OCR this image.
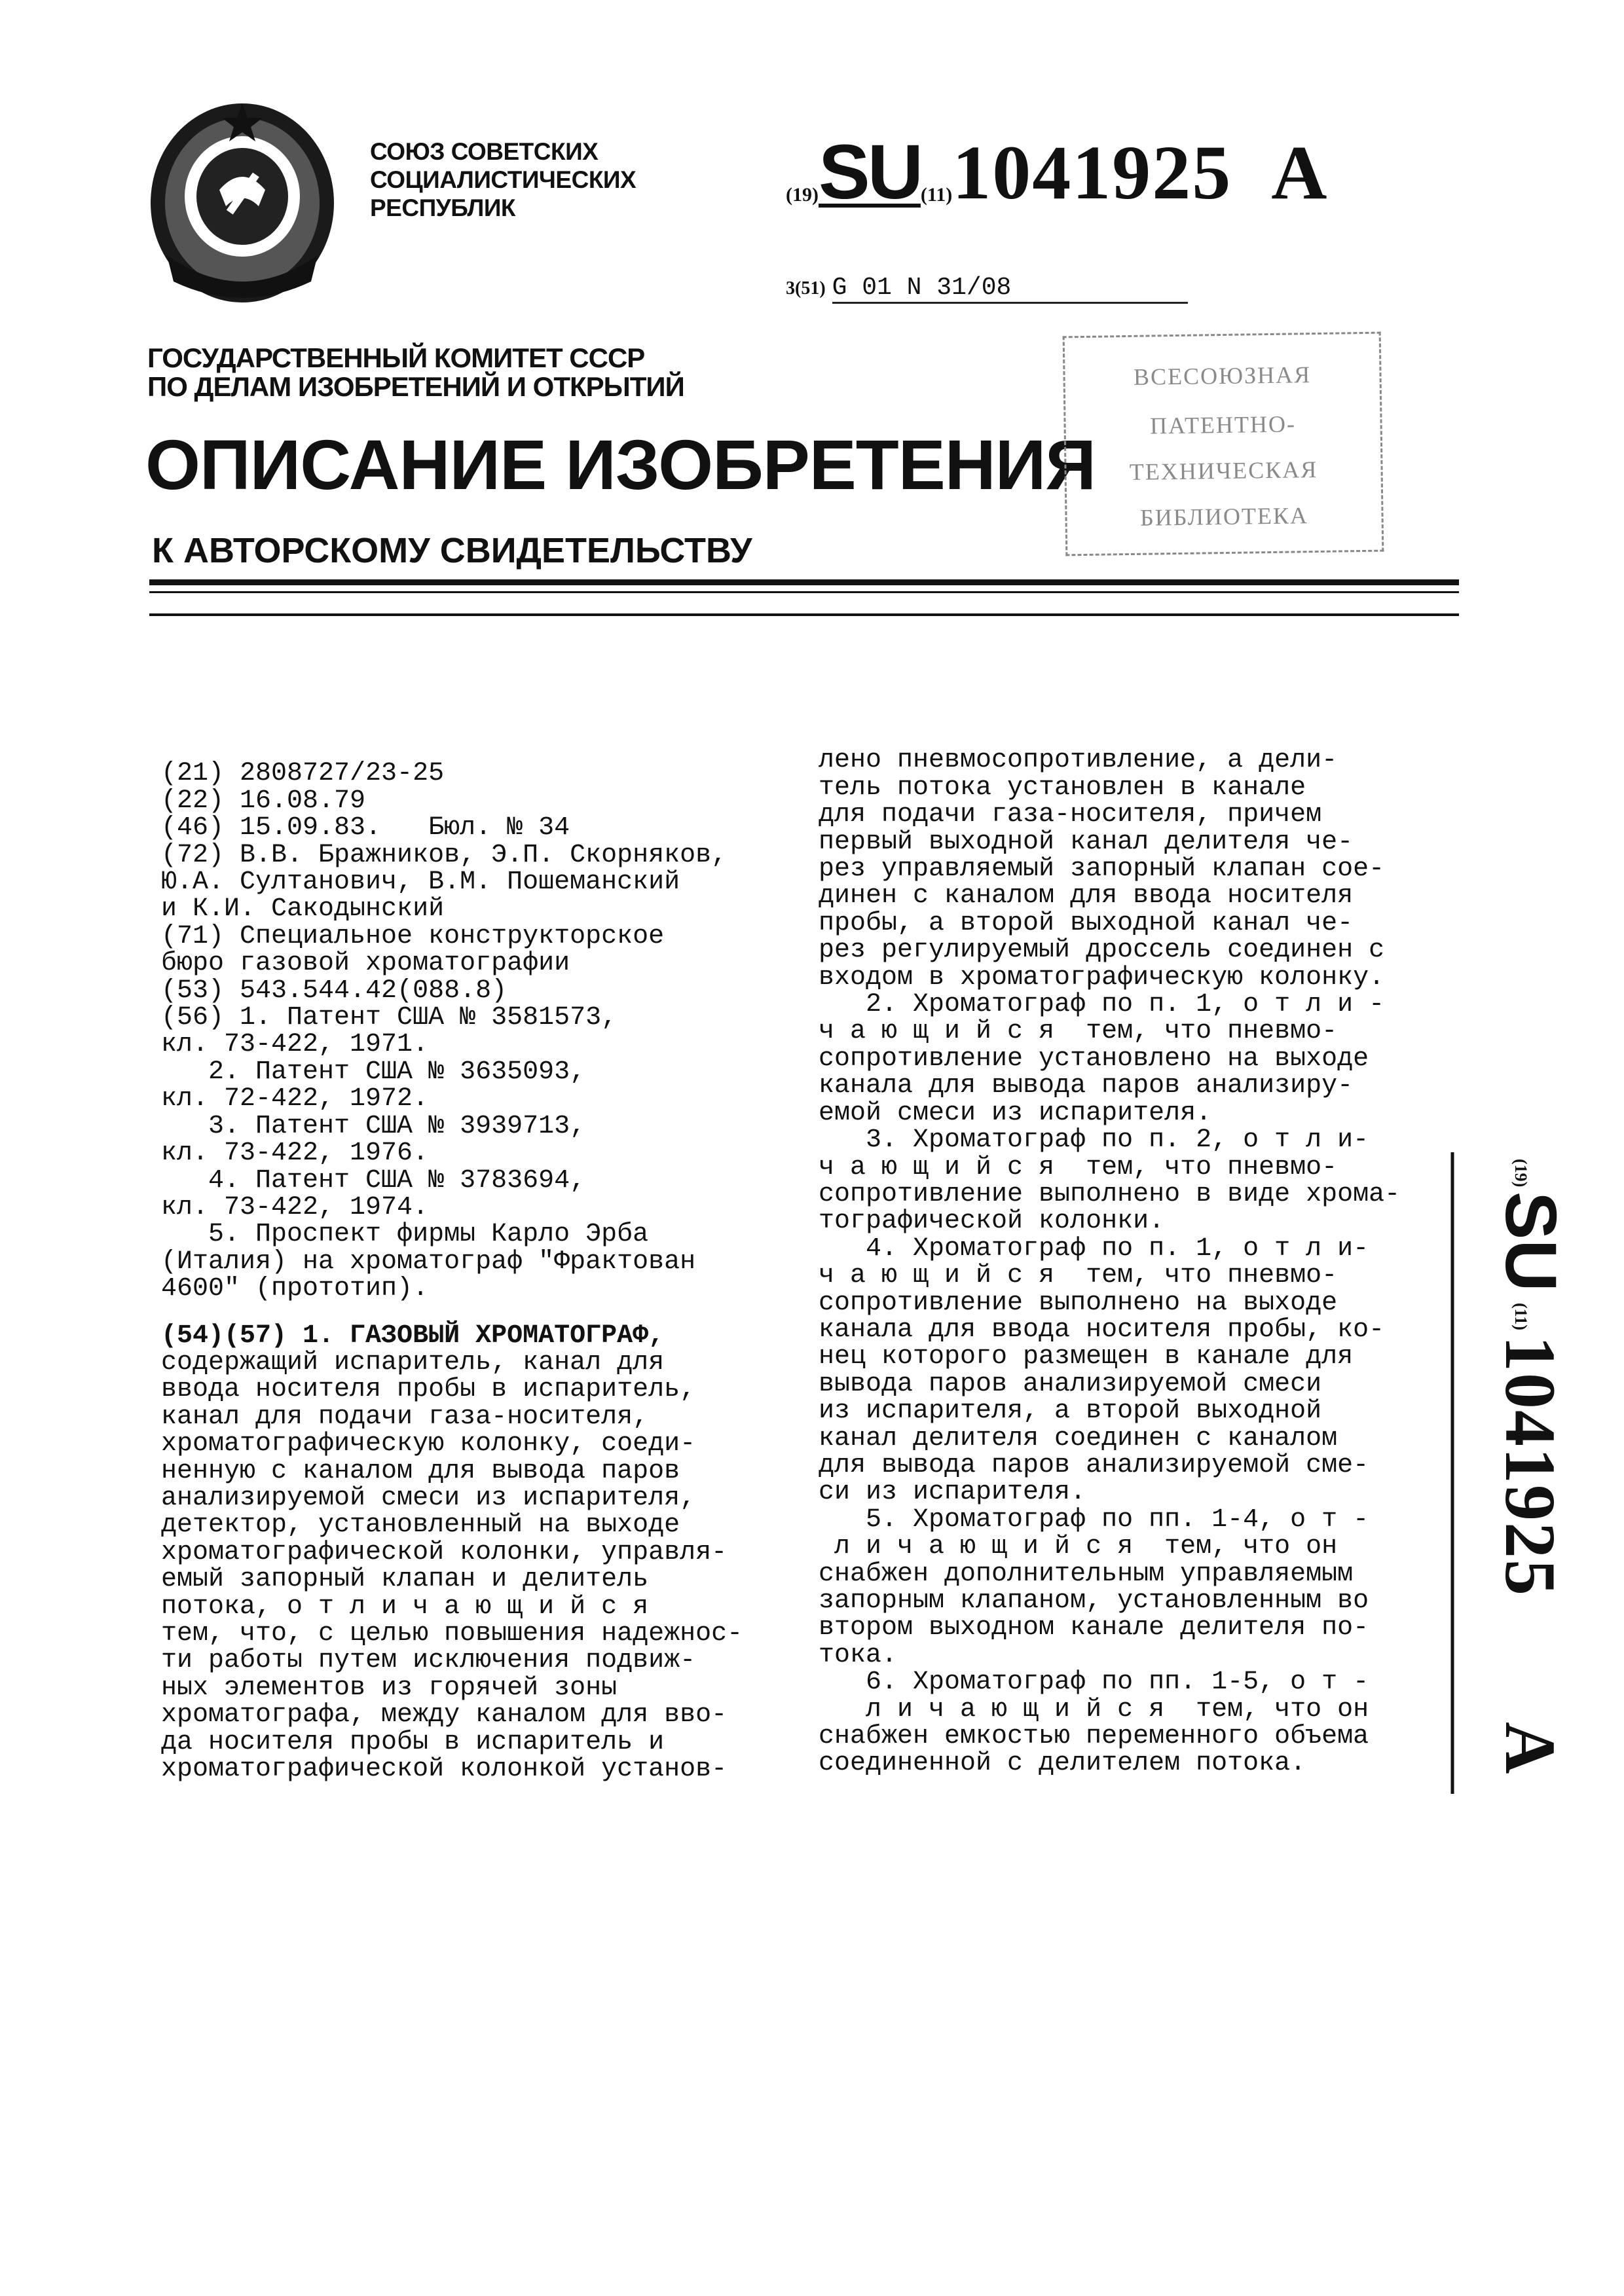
СОЮЗ СОВЕТСКИХ
СОЦИАЛИСТИЧЕСКИХ
РЕСПУБЛИК	(19)SU(11)1041925 A
3(51) G 01 N 31/08
ГОСУДАРСТВЕННЫЙ КОМИТЕТ СССР
ПО ДЕЛАМ ИЗОБРЕТЕНИЙ И ОТКРЫТИЙ
ОПИСАНИЕ ИЗОБРЕТЕНИЯ
К АВТОРСКОМУ СВИДЕТЕЛЬСТВУ
ВСЕСОЮЗНАЯ
ПАТЕНТНО-
ТЕХНИЧЕСКАЯ
БИБЛИОТЕКА

(21) 2808727/23-25
(22) 16.08.79
(46) 15.09.83.   Бюл. № 34
(72) В.В. Бражников, Э.П. Скорняков,
Ю.А. Султанович, В.М. Пошеманский
и К.И. Сакодынский
(71) Специальное конструкторское
бюро газовой хроматографии
(53) 543.544.42(088.8)
(56) 1. Патент США № 3581573,
кл. 73-422, 1971.
2. Патент США № 3635093,
кл. 72-422, 1972.
3. Патент США № 3939713,
кл. 73-422, 1976.
4. Патент США № 3783694,
кл. 73-422, 1974.
5. Проспект фирмы Карло Эрба
(Италия) на хроматограф "Фрактован
4600" (прототип).
(54)(57) 1. ГАЗОВЫЙ ХРОМАТОГРАФ,
содержащий испаритель, канал для
ввода носителя пробы в испаритель,
канал для подачи газа-носителя,
хроматографическую колонку, соеди-
ненную с каналом для вывода паров
анализируемой смеси из испарителя,
детектор, установленный на выходе
хроматографической колонки, управля-
емый запорный клапан и делитель
потока, о т л и ч а ю щ и й с я
тем, что, с целью повышения надежнос-
ти работы путем исключения подвиж-
ных элементов из горячей зоны
хроматографа, между каналом для вво-
да носителя пробы в испаритель и
хроматографической колонкой установ-

лено пневмосопротивление, а дели-
тель потока установлен в канале
для подачи газа-носителя, причем
первый выходной канал делителя че-
рез управляемый запорный клапан сое-
динен с каналом для ввода носителя
пробы, а второй выходной канал че-
рез регулируемый дроссель соединен с
входом в хроматографическую колонку.
2. Хроматограф по п. 1, о т л и -
ч а ю щ и й с я  тем, что пневмо-
сопротивление установлено на выходе
канала для вывода паров анализиру-
емой смеси из испарителя.
3. Хроматограф по п. 2, о т л и-
ч а ю щ и й с я  тем, что пневмо-
сопротивление выполнено в виде хрома-
тографической колонки.
4. Хроматограф по п. 1, о т л и-
ч а ю щ и й с я  тем, что пневмо-
сопротивление выполнено на выходе
канала для ввода носителя пробы, ко-
нец которого размещен в канале для
вывода паров анализируемой смеси
из испарителя, а второй выходной
канал делителя соединен с каналом
для вывода паров анализируемой сме-
си из испарителя.
5. Хроматограф по пп. 1-4, о т -
л и ч а ю щ и й с я  тем, что он
снабжен дополнительным управляемым
запорным клапаном, установленным во
втором выходном канале делителя по-
тока.
6. Хроматограф по пп. 1-5, о т -
л и ч а ю щ и й с я  тем, что он
снабжен емкостью переменного объема
соединенной с делителем потока.

(19)
SU
(11)
1041925
A
